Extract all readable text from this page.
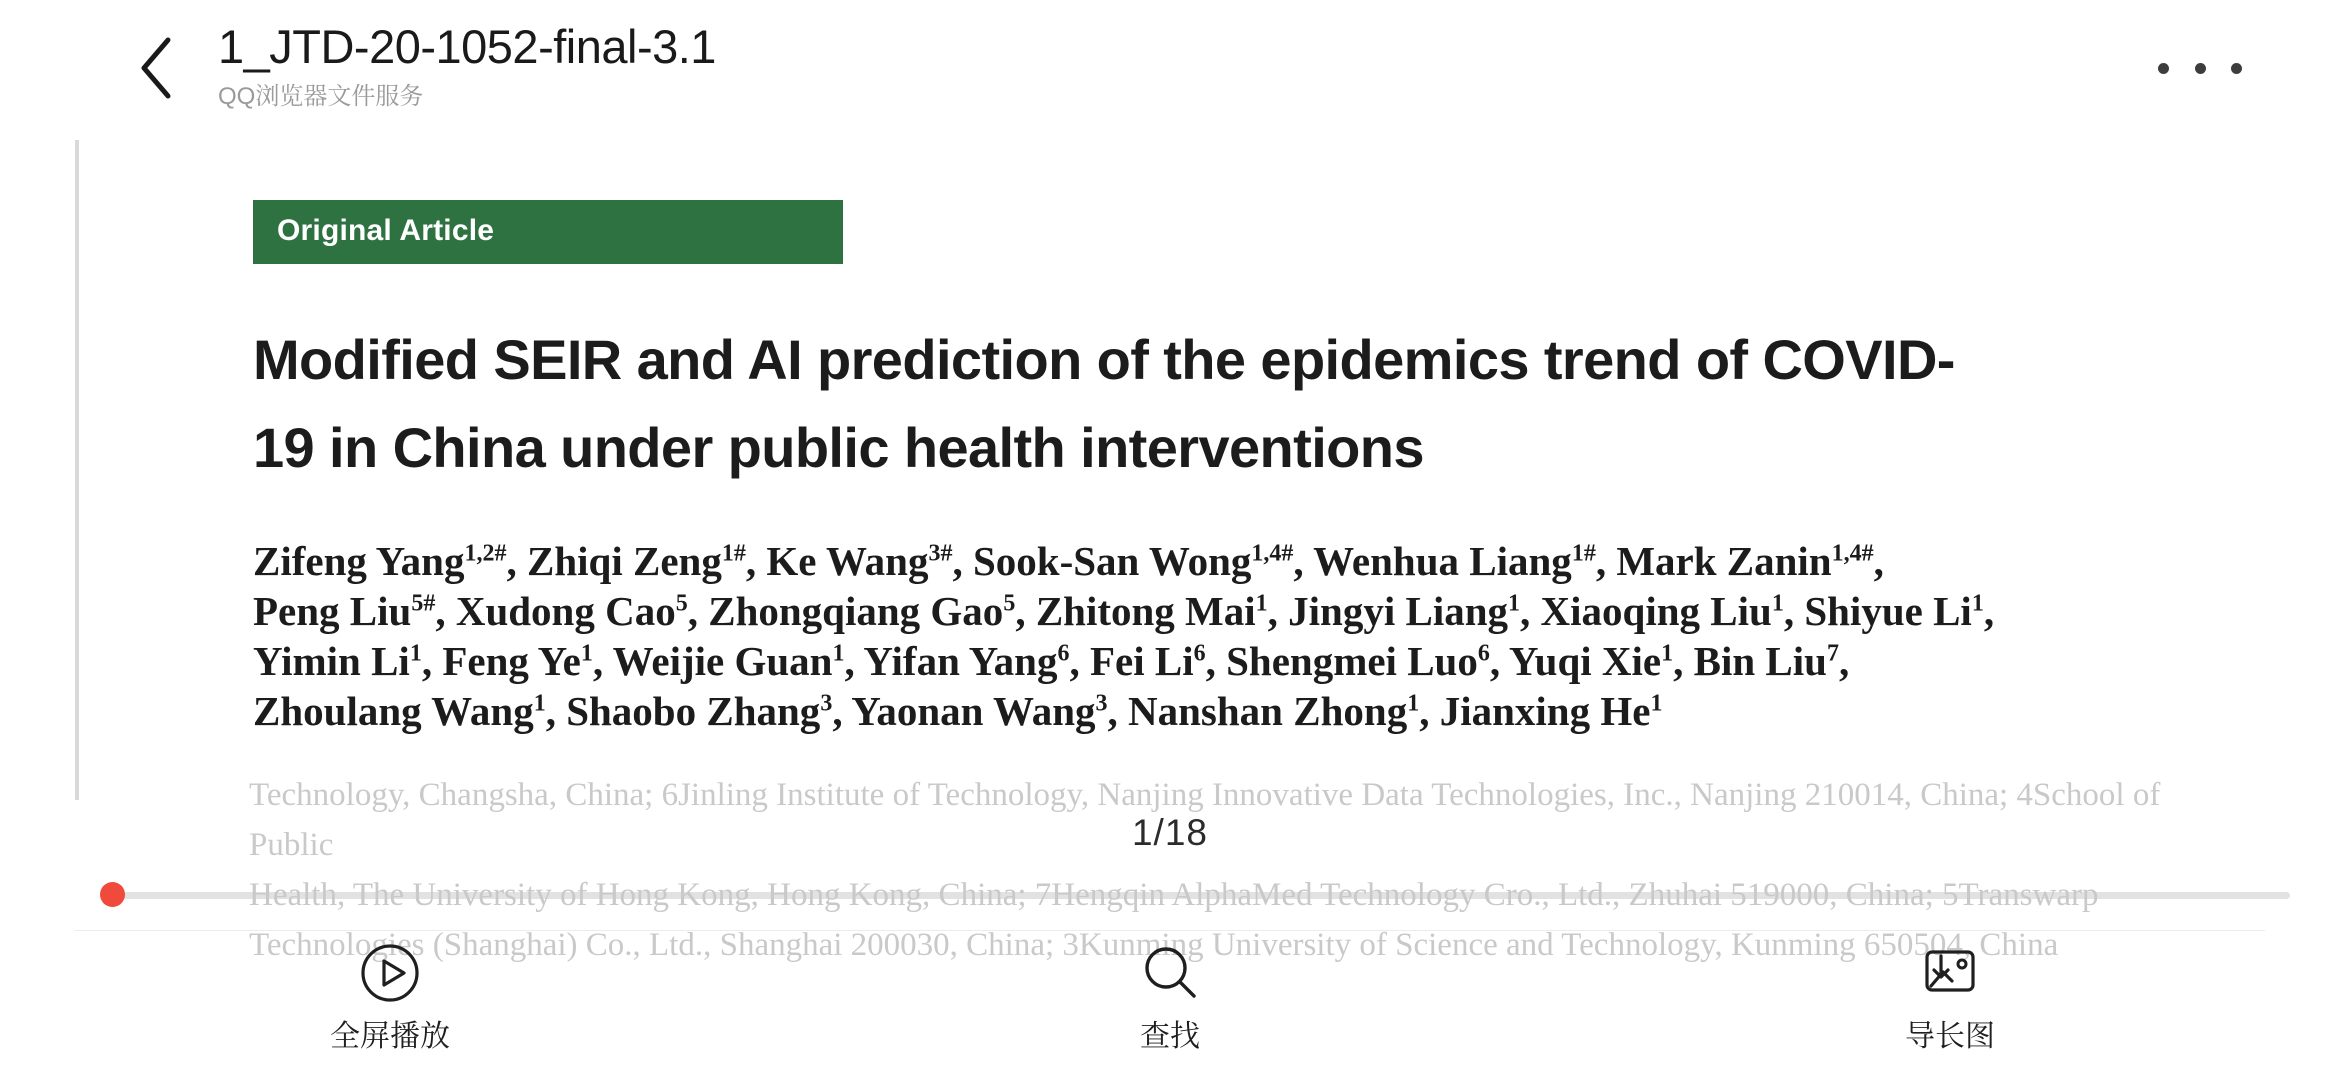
1_JTD-20-1052-final-3.1
QQ浏览器文件服务
Original Article
Modified SEIR and AI prediction of the epidemics trend of COVID-19 in China under public health interventions
Zifeng Yang$^{1,2\#}$, Zhiqi Zeng$^{1\#}$, Ke Wang$^{3\#}$, Sook-San Wong$^{1,4\#}$, Wenhua Liang$^{1\#}$, Mark Zanin$^{1,4\#}$,
Peng Liu$^{5\#}$, Xudong Cao$^5$, Zhongqiang Gao$^5$, Zhitong Mai$^1$, Jingyi Liang$^1$, Xiaoqing Liu$^1$, Shiyue Li$^1$,
Yimin Li$^1$, Feng Ye$^1$, Weijie Guan$^1$, Yifan Yang$^6$, Fei Li$^6$, Shengmei Luo$^6$, Yuqi Xie$^1$, Bin Liu$^7$,
Zhoulang Wang$^1$, Shaobo Zhang$^3$, Yaonan Wang$^3$, Nanshan Zhong$^1$, Jianxing He$^1$
Technology, Changsha, China; 6Jinling Institute of Technology, Nanjing Innovative Data Technologies, Inc., Nanjing 210014, China; 4School of Public
Health, The University of Hong Kong, Hong Kong, China; 7Hengqin AlphaMed Technology Cro., Ltd., Zhuhai 519000, China; 5Transwarp
Technologies (Shanghai) Co., Ltd., Shanghai 200030, China; 3Kunming University of Science and Technology, Kunming 650504, China
1/18
全屏播放	查找	导长图
